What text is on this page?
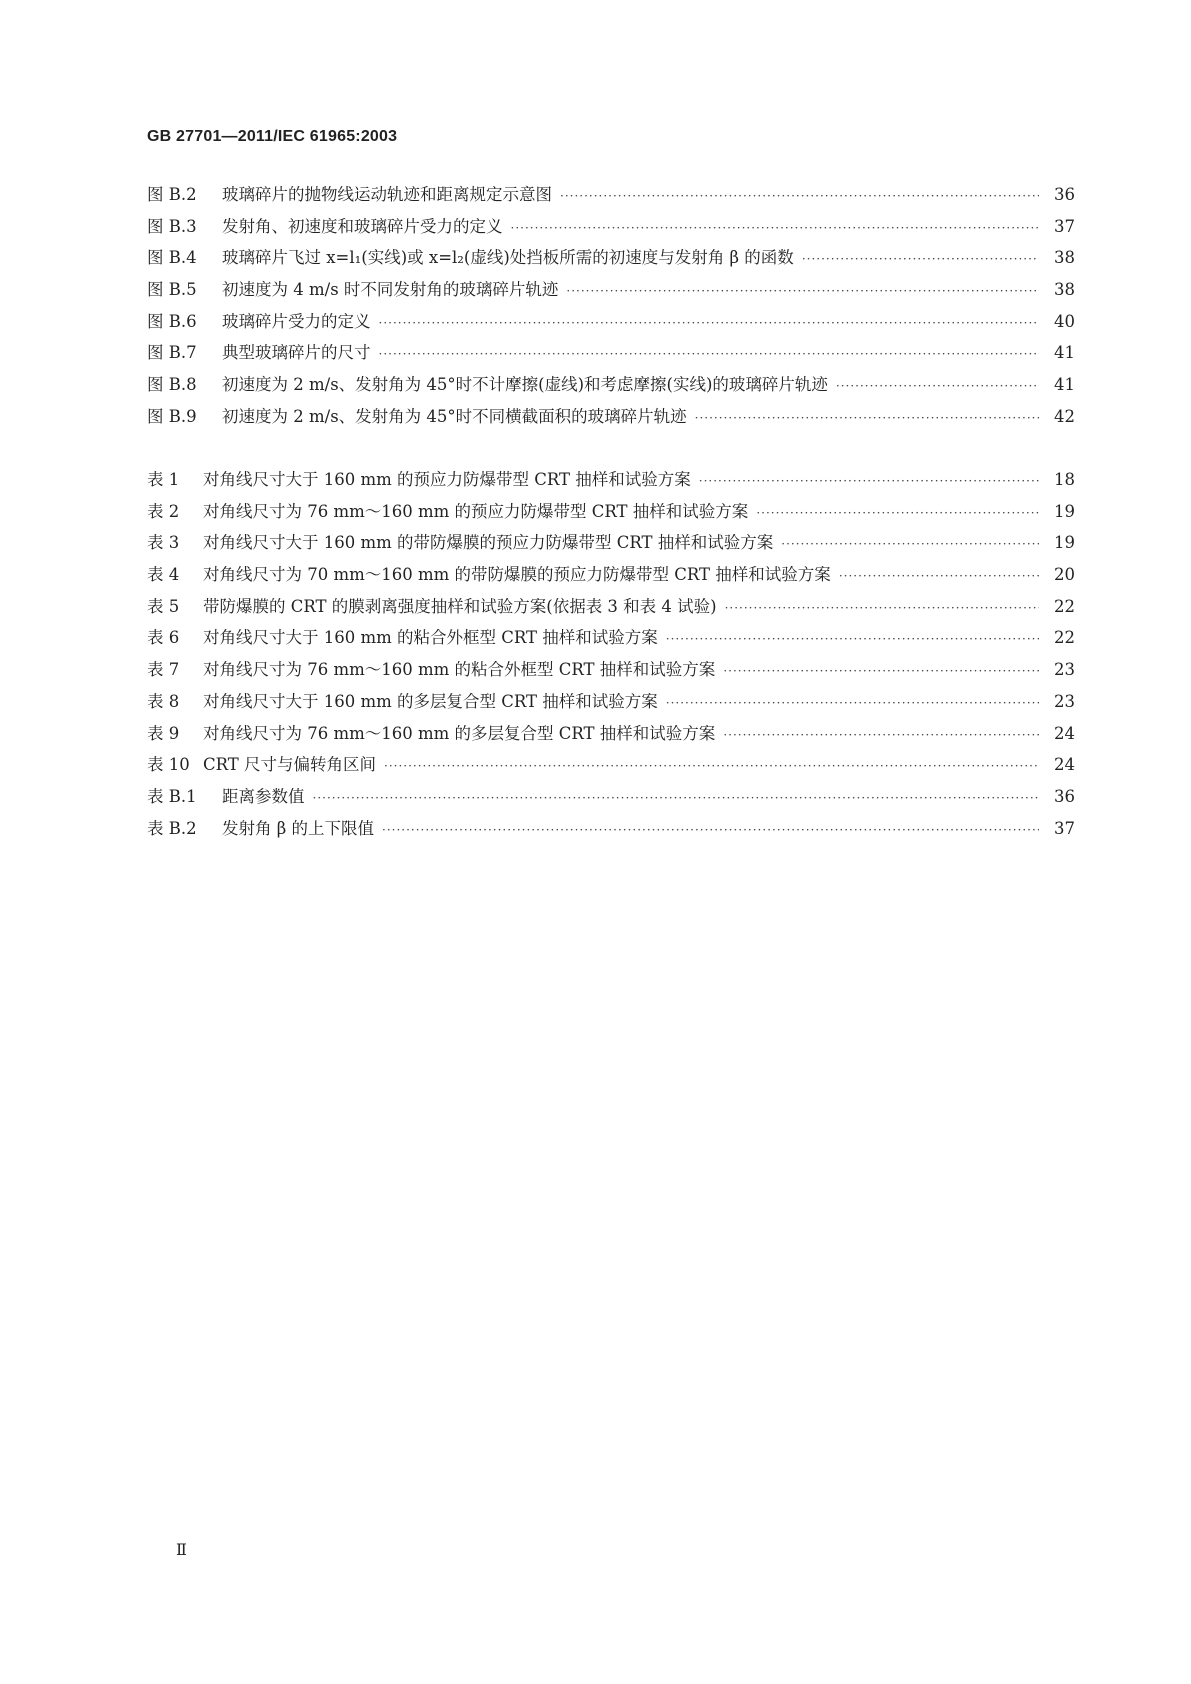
GB 27701—2011/IEC 61965:2003
图 B.2	玻璃碎片的抛物线运动轨迹和距离规定示意图 ·····	36
图 B.3	发射角、初速度和玻璃碎片受力的定义 ·····	37
图 B.4	玻璃碎片飞过 x=l₁(实线)或 x=l₂(虚线)处挡板所需的初速度与发射角 β 的函数 ·····	38
图 B.5	初速度为 4 m/s 时不同发射角的玻璃碎片轨迹 ·····	38
图 B.6	玻璃碎片受力的定义 ·····	40
图 B.7	典型玻璃碎片的尺寸 ·····	41
图 B.8	初速度为 2 m/s、发射角为 45°时不计摩擦(虚线)和考虑摩擦(实线)的玻璃碎片轨迹 ·····	41
图 B.9	初速度为 2 m/s、发射角为 45°时不同横截面积的玻璃碎片轨迹 ·····	42
表 1	对角线尺寸大于 160 mm 的预应力防爆带型 CRT 抽样和试验方案 ·····	18
表 2	对角线尺寸为 76 mm～160 mm 的预应力防爆带型 CRT 抽样和试验方案 ·····	19
表 3	对角线尺寸大于 160 mm 的带防爆膜的预应力防爆带型 CRT 抽样和试验方案 ·····	19
表 4	对角线尺寸为 70 mm～160 mm 的带防爆膜的预应力防爆带型 CRT 抽样和试验方案 ·····	20
表 5	带防爆膜的 CRT 的膜剥离强度抽样和试验方案(依据表 3 和表 4 试验) ·····	22
表 6	对角线尺寸大于 160 mm 的粘合外框型 CRT 抽样和试验方案 ·····	22
表 7	对角线尺寸为 76 mm～160 mm 的粘合外框型 CRT 抽样和试验方案 ·····	23
表 8	对角线尺寸大于 160 mm 的多层复合型 CRT 抽样和试验方案 ·····	23
表 9	对角线尺寸为 76 mm～160 mm 的多层复合型 CRT 抽样和试验方案 ·····	24
表 10 CRT 尺寸与偏转角区间 ·····	24
表 B.1	距离参数值 ·····	36
表 B.2	发射角 β 的上下限值 ·····	37
Ⅱ
